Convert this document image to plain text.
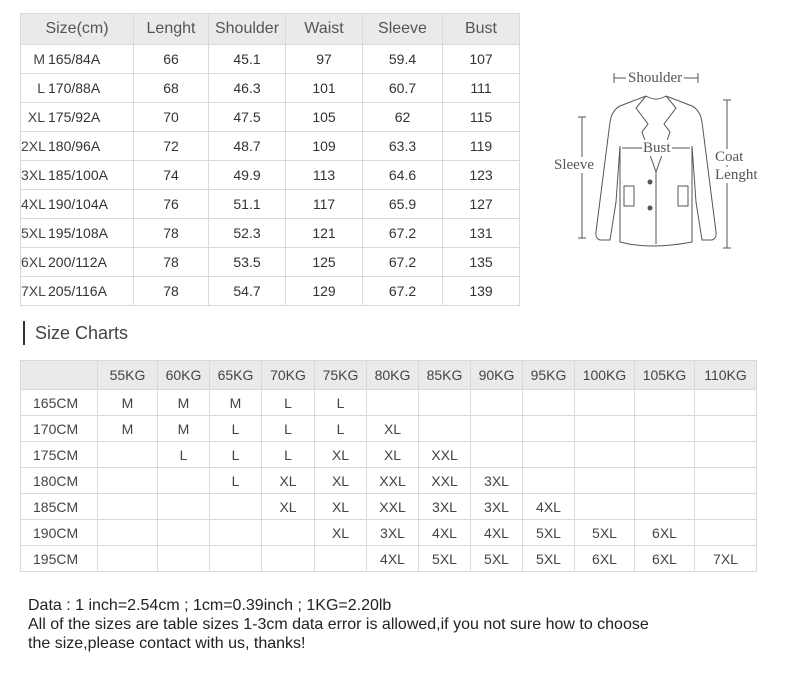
Size(cm)	Lenght	Shoulder	Waist	Sleeve	Bust
M 165/84A	66	45.1	97	59.4	107
L 170/88A	68	46.3	101	60.7	111
XL 175/92A	70	47.5	105	62	115
2XL 180/96A	72	48.7	109	63.3	119
3XL 185/100A	74	49.9	113	64.6	123
4XL 190/104A	76	51.1	117	65.9	127
5XL 195/108A	78	52.3	121	67.2	131
6XL 200/112A	78	53.5	125	67.2	135
7XL 205/116A	78	54.7	129	67.2	139
Shoulder
Bust
Sleeve	Coat
Lenght
Size Charts
	55KG	60KG	65KG	70KG	75KG	80KG	85KG	90KG	95KG	100KG	105KG	110KG
165CM	M	M	M	L	L							
170CM	M	M	L	L	L	XL						
175CM		L	L	L	XL	XL	XXL					
180CM			L	XL	XL	XXL	XXL	3XL				
185CM				XL	XL	XXL	3XL	3XL	4XL			
190CM					XL	3XL	4XL	4XL	5XL	5XL	6XL	
195CM						4XL	5XL	5XL	5XL	6XL	6XL	7XL
Data : 1 inch=2.54cm ; 1cm=0.39inch ; 1KG=2.20lb
All of the sizes are table sizes 1-3cm data error is allowed,if you not sure how to choose
the size,please contact with us, thanks!
